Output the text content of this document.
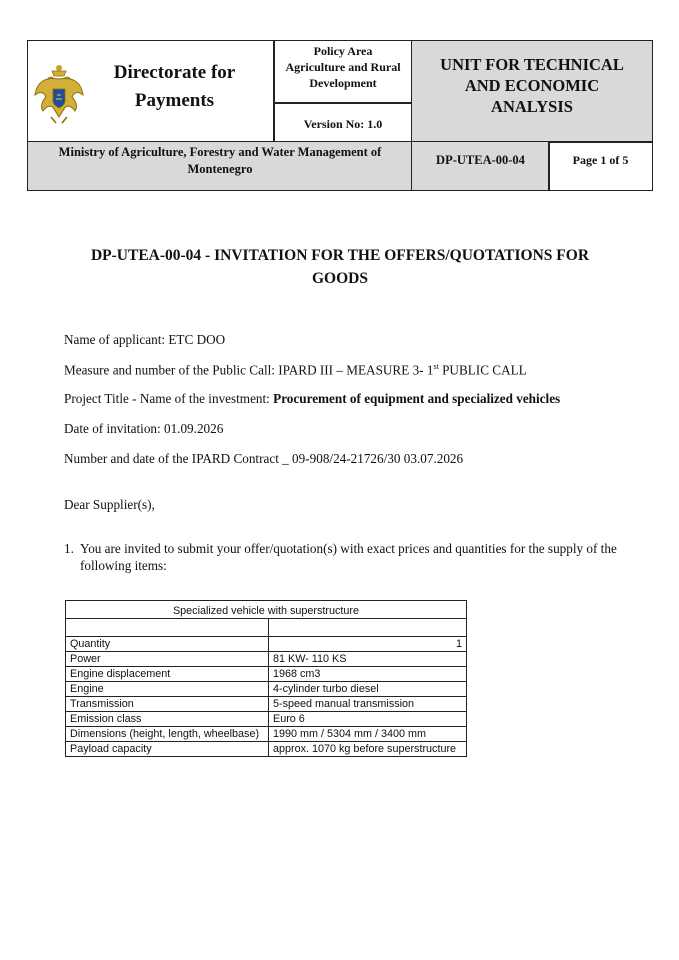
Directorate for
Payments
Policy Area
Agriculture and Rural
Development
Version No: 1.0
UNIT FOR TECHNICAL
AND ECONOMIC
ANALYSIS
Ministry of Agriculture, Forestry and Water Management of
Montenegro
DP-UTEA-00-04	Page 1 of 5
DP-UTEA-00-04 - INVITATION FOR THE OFFERS/QUOTATIONS FOR
GOODS
Name of applicant: ETC DOO
Measure and number of the Public Call: IPARD III – MEASURE 3- 1st PUBLIC CALL
Project Title - Name of the investment: Procurement of equipment and specialized vehicles
Date of invitation: 01.09.2026
Number and date of the IPARD Contract _ 09-908/24-21726/30 03.07.2026
Dear Supplier(s),
1. You are invited to submit your offer/quotation(s) with exact prices and quantities for the supply of the following items:
Specialized vehicle with superstructure	

Quantity	1
Power	81 KW- 110 KS
Engine displacement	1968 cm3
Engine	4-cylinder turbo diesel
Transmission	5-speed manual transmission
Emission class	Euro 6
Dimensions (height, length, wheelbase)	1990 mm / 5304 mm / 3400 mm
Payload capacity	approx. 1070 kg before superstructure
